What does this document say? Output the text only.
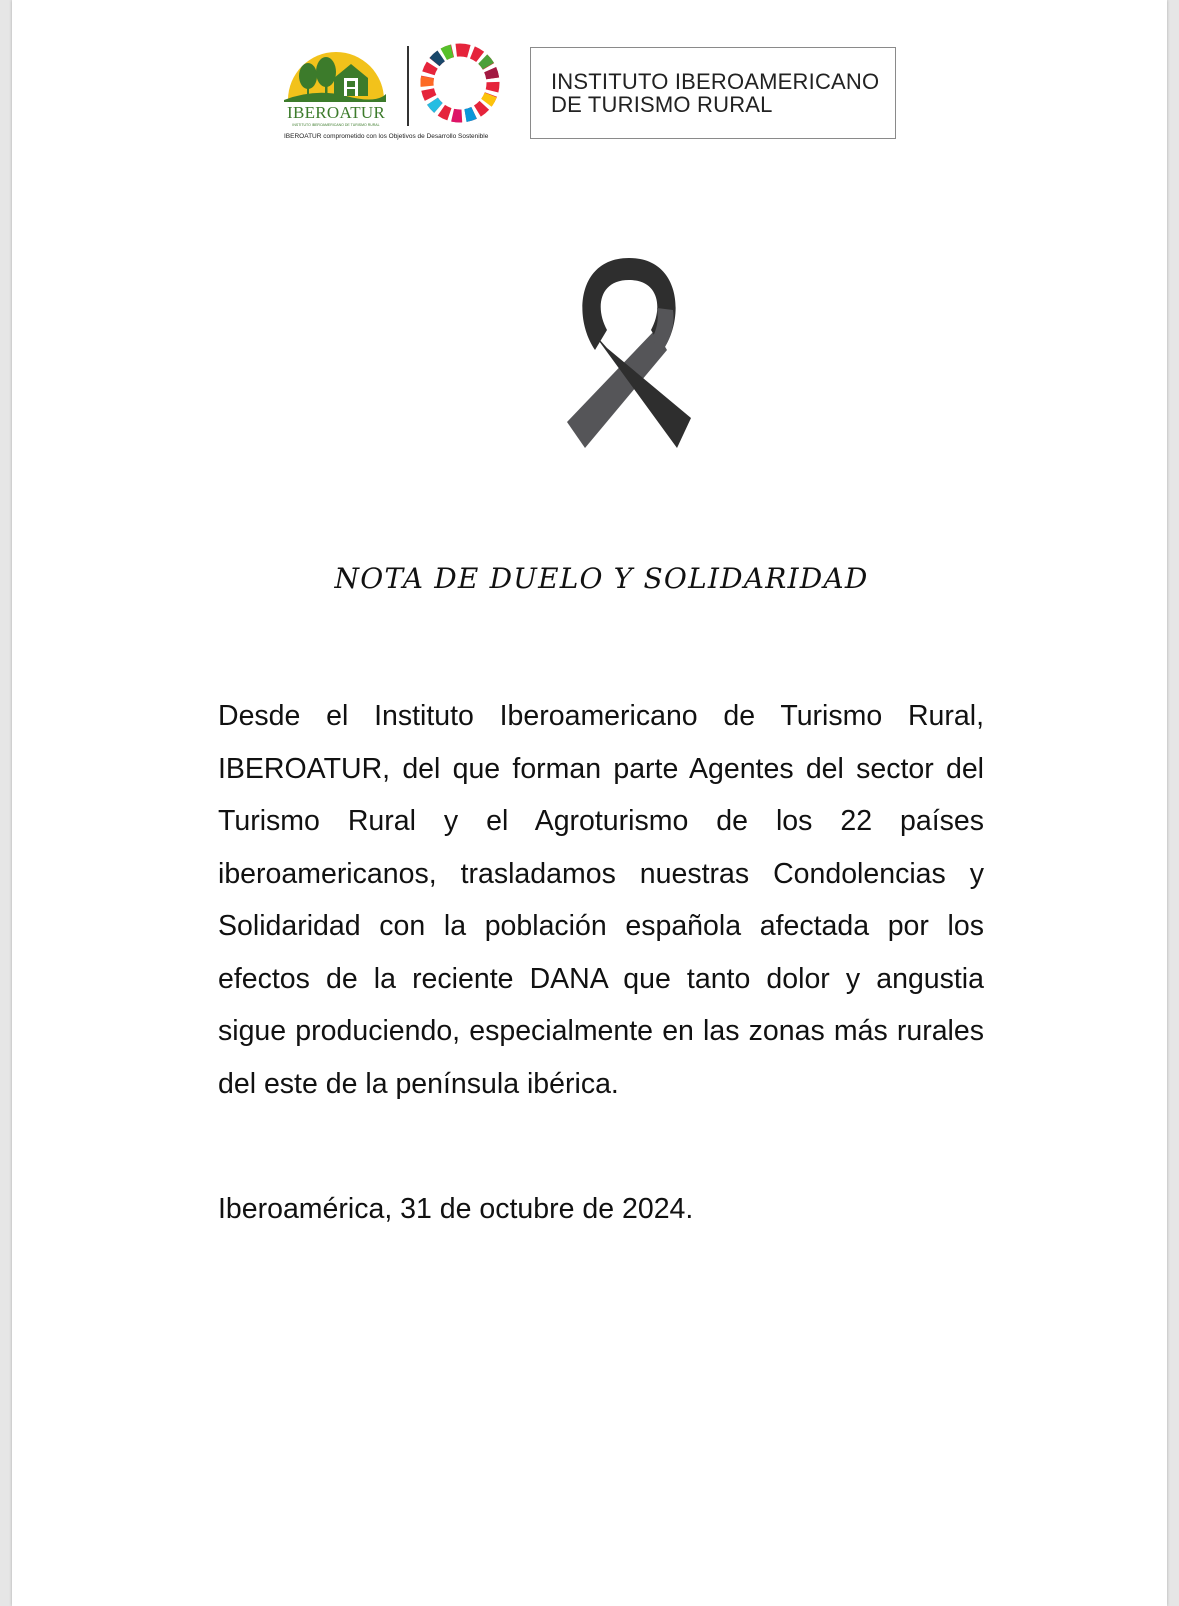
IBEROATUR
INSTITUTO IBEROAMERICANO DE TURISMO RURAL
IBEROATUR comprometido con los Objetivos de Desarrollo Sostenible
INSTITUTO IBEROAMERICANO
DE TURISMO RURAL
NOTA DE DUELO Y SOLIDARIDAD

Desde el Instituto Iberoamericano de Turismo Rural, IBEROATUR, del que forman parte Agentes del sector del Turismo Rural y el Agroturismo de los 22 países iberoamericanos, trasladamos nuestras Condolencias y Solidaridad con la población española afectada por los efectos de la reciente DANA que tanto dolor y angustia sigue produciendo, especialmente en las zonas más rurales del este de la península ibérica.

Iberoamérica, 31 de octubre de 2024.
